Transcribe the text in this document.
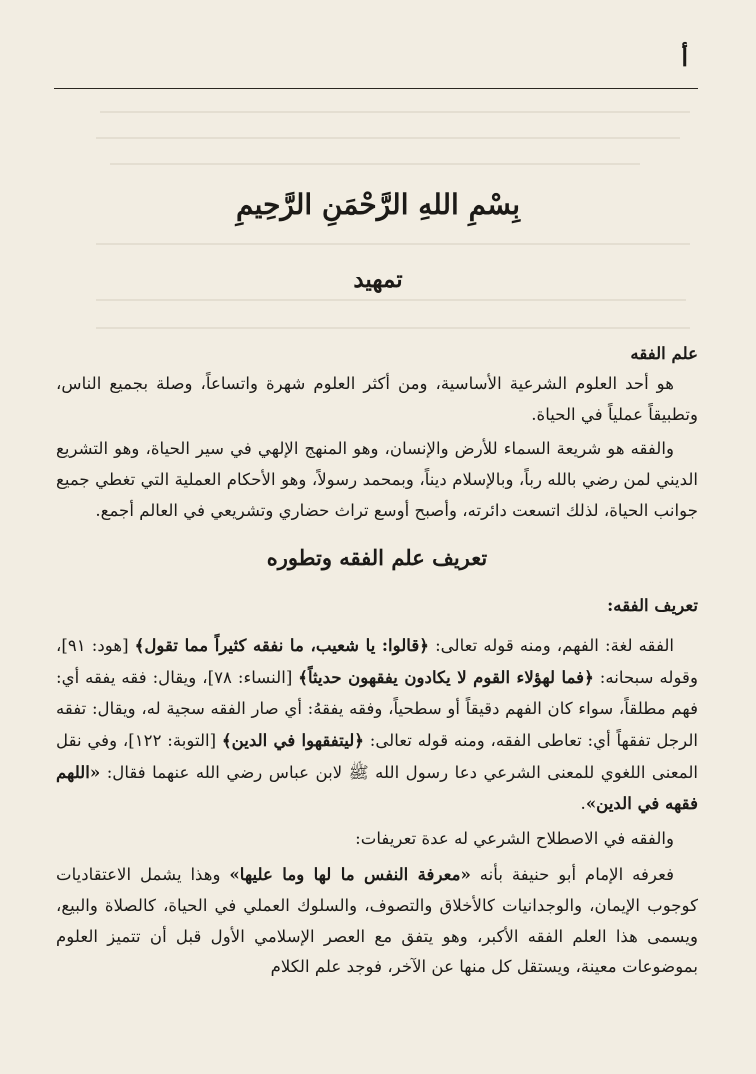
أ
بِسْمِ اللهِ الرَّحْمَنِ الرَّحِيمِ
تمهيد

علم الفقه

هو أحد العلوم الشرعية الأساسية، ومن أكثر العلوم شهرة واتساعاً، وصلة بجميع الناس، وتطبيقاً عملياً في الحياة.

والفقه هو شريعة السماء للأرض والإنسان، وهو المنهج الإلهي في سير الحياة، وهو التشريع الديني لمن رضي بالله رباً، وبالإسلام ديناً، وبمحمد رسولاً، وهو الأحكام العملية التي تغطي جميع جوانب الحياة، لذلك اتسعت دائرته، وأصبح أوسع تراث حضاري وتشريعي في العالم أجمع.

تعريف علم الفقه وتطوره

تعريف الفقه:

الفقه لغة: الفهم، ومنه قوله تعالى: ﴿قالوا: يا شعيب، ما نفقه كثيراً مما تقول﴾ [هود: ٩١]، وقوله سبحانه: ﴿فما لهؤلاء القوم لا يكادون يفقهون حديثاً﴾ [النساء: ٧٨]، ويقال: فقه يفقه أي: فهم مطلقاً، سواء كان الفهم دقيقاً أو سطحياً، وفقه يفقهُ: أي صار الفقه سجية له، ويقال: تفقه الرجل تفقهاً أي: تعاطى الفقه، ومنه قوله تعالى: ﴿ليتفقهوا في الدين﴾ [التوبة: ١٢٢]، وفي نقل المعنى اللغوي للمعنى الشرعي دعا رسول الله ﷺ لابن عباس رضي الله عنهما فقال: «اللهم فقهه في الدين».

والفقه في الاصطلاح الشرعي له عدة تعريفات:

فعرفه الإمام أبو حنيفة بأنه «معرفة النفس ما لها وما عليها» وهذا يشمل الاعتقاديات كوجوب الإيمان، والوجدانيات كالأخلاق والتصوف، والسلوك العملي في الحياة، كالصلاة والبيع، ويسمى هذا العلم الفقه الأكبر، وهو يتفق مع العصر الإسلامي الأول قبل أن تتميز العلوم بموضوعات معينة، ويستقل كل منها عن الآخر، فوجد علم الكلام
